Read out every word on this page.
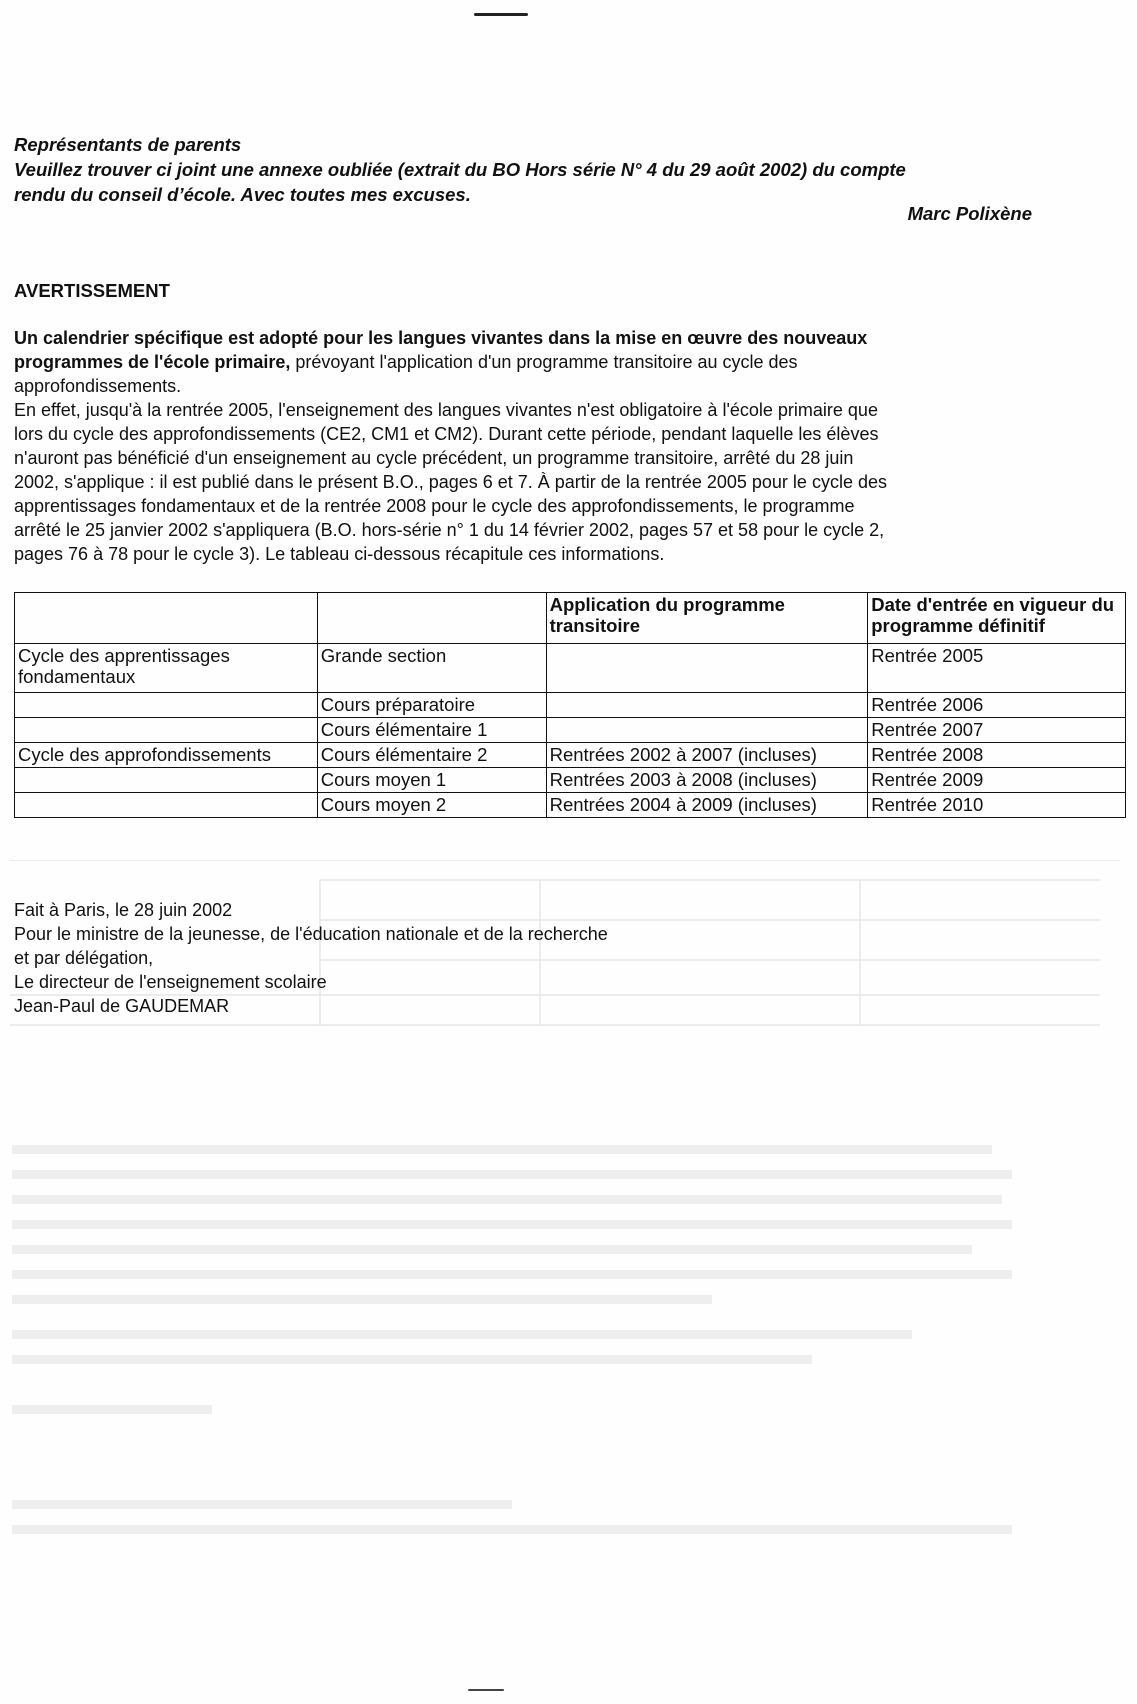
Représentants de parents
Veuillez trouver ci joint une annexe oubliée (extrait du BO Hors série N° 4 du 29 août 2002) du compte
rendu du conseil d’école. Avec toutes mes excuses.
Marc Polixène
AVERTISSEMENT
Un calendrier spécifique est adopté pour les langues vivantes dans la mise en œuvre des nouveaux
programmes de l'école primaire, prévoyant l'application d'un programme transitoire au cycle des
approfondissements.
En effet, jusqu'à la rentrée 2005, l'enseignement des langues vivantes n'est obligatoire à l'école primaire que
lors du cycle des approfondissements (CE2, CM1 et CM2). Durant cette période, pendant laquelle les élèves
n'auront pas bénéficié d'un enseignement au cycle précédent, un programme transitoire, arrêté du 28 juin
2002, s'applique : il est publié dans le présent B.O., pages 6 et 7. À partir de la rentrée 2005 pour le cycle des
apprentissages fondamentaux et de la rentrée 2008 pour le cycle des approfondissements, le programme
arrêté le 25 janvier 2002 s'appliquera (B.O. hors-série n° 1 du 14 février 2002, pages 57 et 58 pour le cycle 2,
pages 76 à 78 pour le cycle 3). Le tableau ci-dessous récapitule ces informations.
		Application du programme transitoire	Date d'entrée en vigueur du programme définitif
Cycle des apprentissages fondamentaux	Grande section		Rentrée 2005
	Cours préparatoire		Rentrée 2006
	Cours élémentaire 1		Rentrée 2007
Cycle des approfondissements	Cours élémentaire 2	Rentrées 2002 à 2007 (incluses)	Rentrée 2008
	Cours moyen 1	Rentrées 2003 à 2008 (incluses)	Rentrée 2009
	Cours moyen 2	Rentrées 2004 à 2009 (incluses)	Rentrée 2010
Fait à Paris, le 28 juin 2002
Pour le ministre de la jeunesse, de l'éducation nationale et de la recherche
et par délégation,
Le directeur de l'enseignement scolaire
Jean-Paul de GAUDEMAR
